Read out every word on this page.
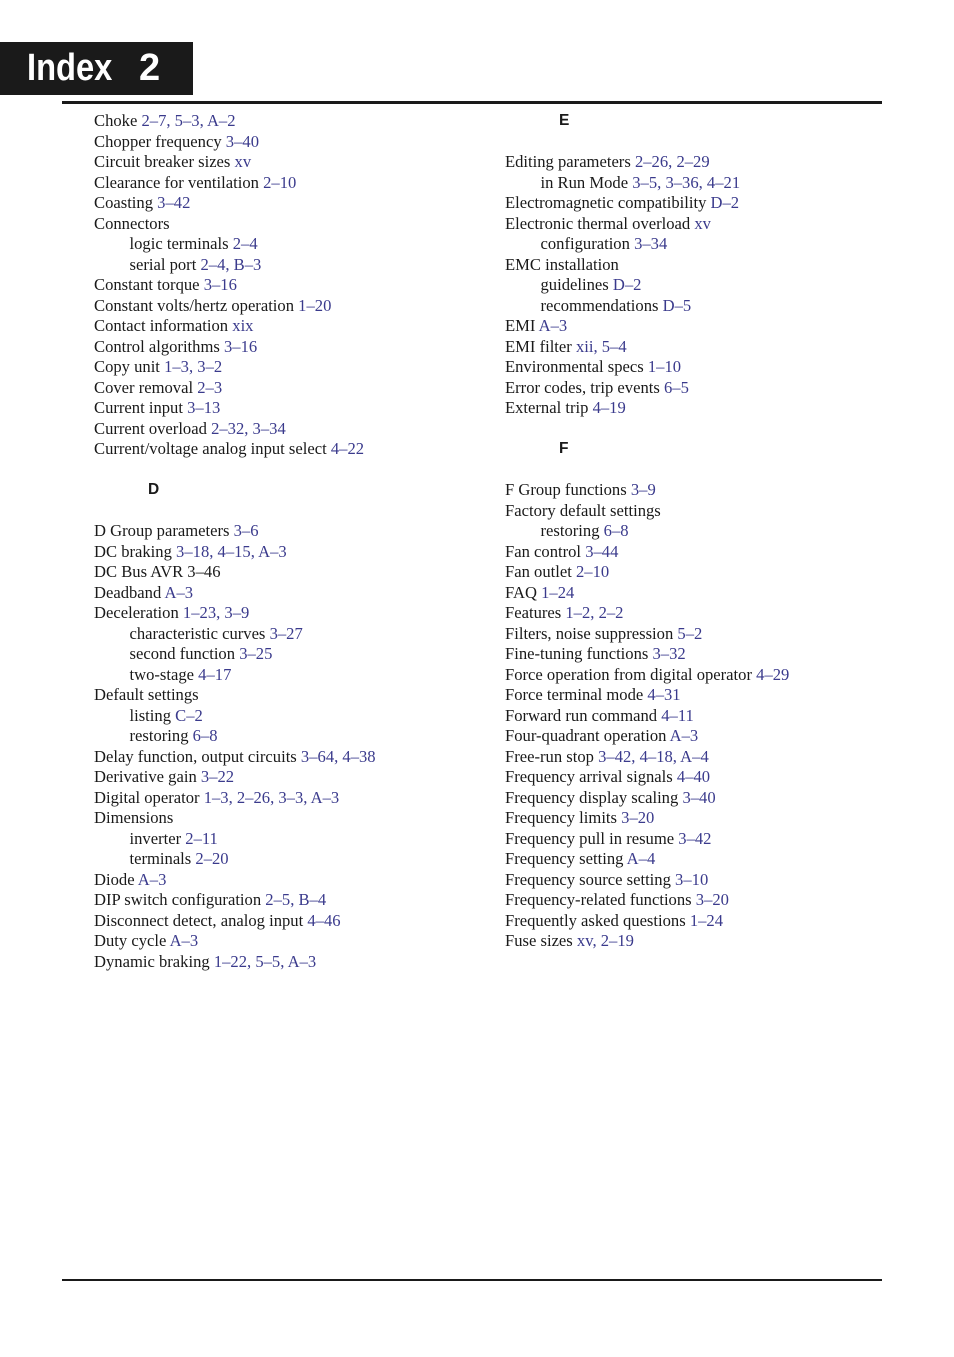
Index 2
Choke 2–7, 5–3, A–2
Chopper frequency 3–40
Circuit breaker sizes xv
Clearance for ventilation 2–10
Coasting 3–42
Connectors
logic terminals 2–4
serial port 2–4, B–3
Constant torque 3–16
Constant volts/hertz operation 1–20
Contact information xix
Control algorithms 3–16
Copy unit 1–3, 3–2
Cover removal 2–3
Current input 3–13
Current overload 2–32, 3–34
Current/voltage analog input select 4–22
D
D Group parameters 3–6
DC braking 3–18, 4–15, A–3
DC Bus AVR 3–46
Deadband A–3
Deceleration 1–23, 3–9
characteristic curves 3–27
second function 3–25
two-stage 4–17
Default settings
listing C–2
restoring 6–8
Delay function, output circuits 3–64, 4–38
Derivative gain 3–22
Digital operator 1–3, 2–26, 3–3, A–3
Dimensions
inverter 2–11
terminals 2–20
Diode A–3
DIP switch configuration 2–5, B–4
Disconnect detect, analog input 4–46
Duty cycle A–3
Dynamic braking 1–22, 5–5, A–3
E
Editing parameters 2–26, 2–29
in Run Mode 3–5, 3–36, 4–21
Electromagnetic compatibility D–2
Electronic thermal overload xv
configuration 3–34
EMC installation
guidelines D–2
recommendations D–5
EMI A–3
EMI filter xii, 5–4
Environmental specs 1–10
Error codes, trip events 6–5
External trip 4–19
F
F Group functions 3–9
Factory default settings
restoring 6–8
Fan control 3–44
Fan outlet 2–10
FAQ 1–24
Features 1–2, 2–2
Filters, noise suppression 5–2
Fine-tuning functions 3–32
Force operation from digital operator 4–29
Force terminal mode 4–31
Forward run command 4–11
Four-quadrant operation A–3
Free-run stop 3–42, 4–18, A–4
Frequency arrival signals 4–40
Frequency display scaling 3–40
Frequency limits 3–20
Frequency pull in resume 3–42
Frequency setting A–4
Frequency source setting 3–10
Frequency-related functions 3–20
Frequently asked questions 1–24
Fuse sizes xv, 2–19
